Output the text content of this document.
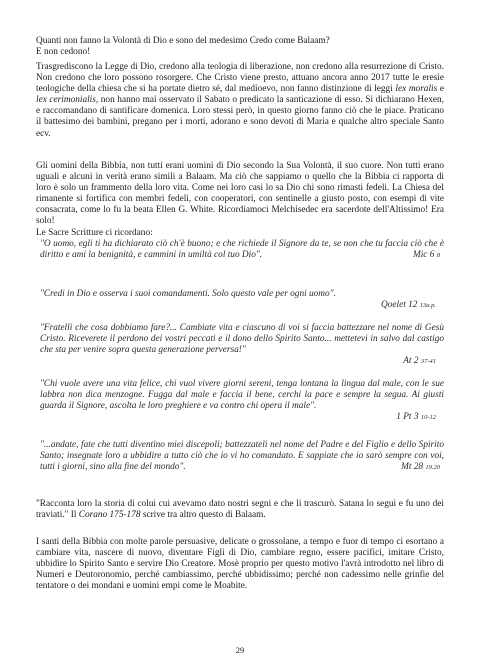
Quanti non fanno la Volontà di Dio e sono del medesimo Credo come Balaam?

E non cedono!

Trasgrediscono la Legge di Dio, credono alla teologia di liberazione, non credono alla resurrezione di Cristo. Non credono che loro possono rosorgere. Che Cristo viene presto, attuano ancora anno 2017 tutte le eresie teologiche della chiesa che si ha portate dietro sé, dal medioevo, non fanno distinzione di leggi lex moralis e lex cerimonialis, non hanno mai osservato il Sabato o predicato la santicazione di esso. Si dichiarano Hexen, e raccomandano di santificare domenica. Loro stessi però, in questo giorno fanno ciò che le piace. Praticano il battesimo dei bambini, pregano per i morti, adorano e sono devoti di Maria e qualche altro speciale Santo ecv.

Gli uomini della Bibbia, non tutti erani uomini di Dio secondo la Sua Volontà, il suo cuore. Non tutti erano uguali e alcuni in verità erano simili a Balaam. Ma ciò che sappiamo o quello che la Bibbia ci rapporta di loro è solo un frammento della loro vita. Come nei loro casi lo sa Dio chi sono rimasti fedeli. La Chiesa del rimanente si fortifica con membri fedeli, con cooperatori, con sentinelle a giusto posto, con esempi di vite consacrata, come lo fu la beata Ellen G. White. Ricordiamoci Melchisedec era sacerdote dell'Altissimo! Era solo!

Le Sacre Scritture ci ricordano:

"O uomo, egli ti ha dichiarato ciò ch'è buono; e che richiede il Signore da te, se non che tu faccia ciò che è diritto e ami la benignità, e cammini in umiltà col tuo Dio".	Mic 6 8

"Credi in Dio e osserva i suoi comandamenti. Solo questo vale per ogni uomo".

Qoelet 12 13a.p.

"Fratelli che cosa dobbiamo fare?... Cambiate vita e ciascuno di voi si faccia battezzare nel nome di Gesù Cristo. Riceverete il perdono dei vostri peccati e il dono dello Spirito Santo... mettetevi in salvo dal castigo che sta per venire sopra questa generazione perversa!"

At 2 37-41

"Chi vuole avere una vita felice, chi vuol vivere giorni sereni, tenga lontana la lingua dal male, con le sue labbra non dica menzogne. Fugga dal male e faccia il bene, cerchi la pace e sempre la segua. Ai giusti guarda il Signore, ascolta le loro preghiere e va contro chi opera il male".

1 Pt 3 10-12

"...andate, fate che tutti diventino miei discepoli; battezzateli nel nome del Padre e del Figlio e dello Spirito Santo; insegnate loro a ubbidire a tutto ciò che io vi ho comandato. E sappiate che io sarò sempre con voi, tutti i giorni, sino alla fine del mondo".	Mt 28 19.20

"Racconta loro la storia di colui cui avevamo dato nostri segni e che li trascurò. Satana lo seguì e fu uno dei traviati." Il Corano 175-178 scrive tra altro questo di Balaam.

I santi della Bibbia con molte parole persuasive, delicate o grossolane, a tempo e fuor di tempo ci esortano a cambiare vita, nascere di nuovo, diventare Figli di Dio, cambiare regno, essere pacifici, imitare Cristo, ubbidire lo Spirito Santo e servire Dio Creatore. Mosè proprio per questo motivo l'avrà introdotto nel libro di Numeri e Deutoronomio, perché cambiassimo, perché ubbidissimo; perché non cadessimo nelle grinfie del tentatore o dei mondani e uomini empi come le Moabite.

29
